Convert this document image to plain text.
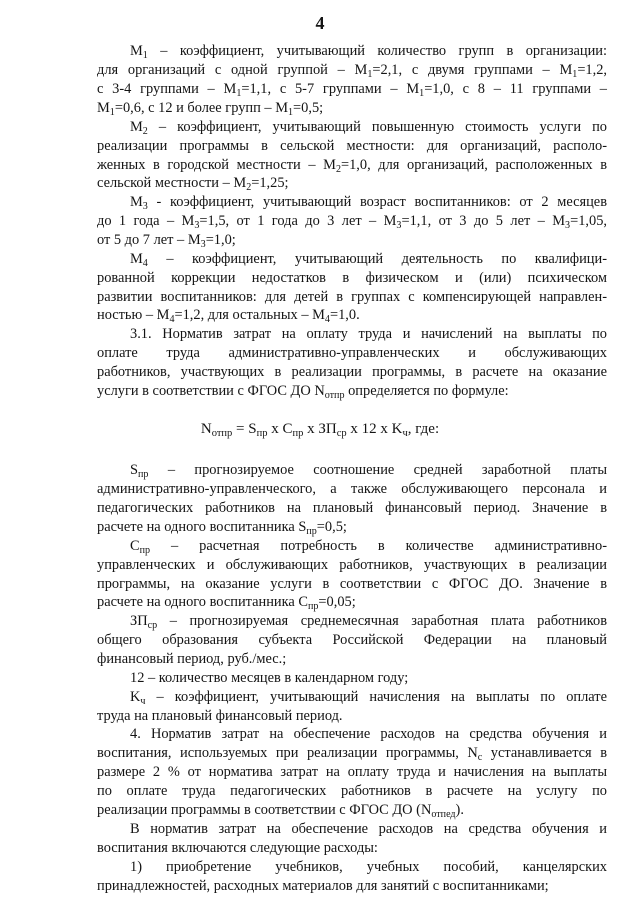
4
$M_1$ – коэффициент, учитывающий количество групп в организации:
для организаций с одной группой – $M_1=2,1$, с двумя группами – $M_1=1,2$,
с 3-4 группами – $M_1=1,1$, с 5-7 группами – $M_1=1,0$, с 8 – 11 группами –
$M_1=0,6$, с 12 и более групп – $M_1=0,5$;
$M_2$ – коэффициент, учитывающий повышенную стоимость услуги по
реализации программы в сельской местности: для организаций, располо-
женных в городской местности – $M_2=1,0$, для организаций, расположенных в
сельской местности – $M_2=1,25$;
$M_3$ - коэффициент, учитывающий возраст воспитанников: от 2 месяцев
до 1 года – $M_3=1,5$, от 1 года до 3 лет – $M_3=1,1$, от 3 до 5 лет – $M_3=1,05$,
от 5 до 7 лет – $M_3=1,0$;
$M_4$ – коэффициент, учитывающий деятельность по квалифици-
рованной коррекции недостатков в физическом и (или) психическом
развитии воспитанников: для детей в группах с компенсирующей направлен-
ностью – $M_4=1,2$, для остальных – $M_4=1,0$.
3.1. Норматив затрат на оплату труда и начислений на выплаты по
оплате труда административно-управленческих и обслуживающих
работников, участвующих в реализации программы, в расчете на оказание
услуги в соответствии с ФГОС ДО $N_{отпр}$ определяется по формуле:
$N_{отпр} = S_{пр}$ x $C_{пр}$ x $ЗП_{ср}$ x 12 x $K_ч$, где:
$S_{пр}$ – прогнозируемое соотношение средней заработной платы
административно-управленческого, а также обслуживающего персонала и
педагогических работников на плановый финансовый период. Значение в
расчете на одного воспитанника $S_{пр}=0,5$;
$C_{пр}$ – расчетная потребность в количестве административно-
управленческих и обслуживающих работников, участвующих в реализации
программы, на оказание услуги в соответствии с ФГОС ДО. Значение в
расчете на одного воспитанника $C_{пр}=0,05$;
$ЗП_{ср}$ – прогнозируемая среднемесячная заработная плата работников
общего образования субъекта Российской Федерации на плановый
финансовый период, руб./мес.;
12 – количество месяцев в календарном году;
$K_ч$ – коэффициент, учитывающий начисления на выплаты по оплате
труда на плановый финансовый период.
4. Норматив затрат на обеспечение расходов на средства обучения и
воспитания, используемых при реализации программы, $N_с$ устанавливается в
размере 2 % от норматива затрат на оплату труда и начисления на выплаты
по оплате труда педагогических работников в расчете на услугу по
реализации программы в соответствии с ФГОС ДО $(N_{отпед})$.
В норматив затрат на обеспечение расходов на средства обучения и
воспитания включаются следующие расходы:
1) приобретение учебников, учебных пособий, канцелярских
принадлежностей, расходных материалов для занятий с воспитанниками;
